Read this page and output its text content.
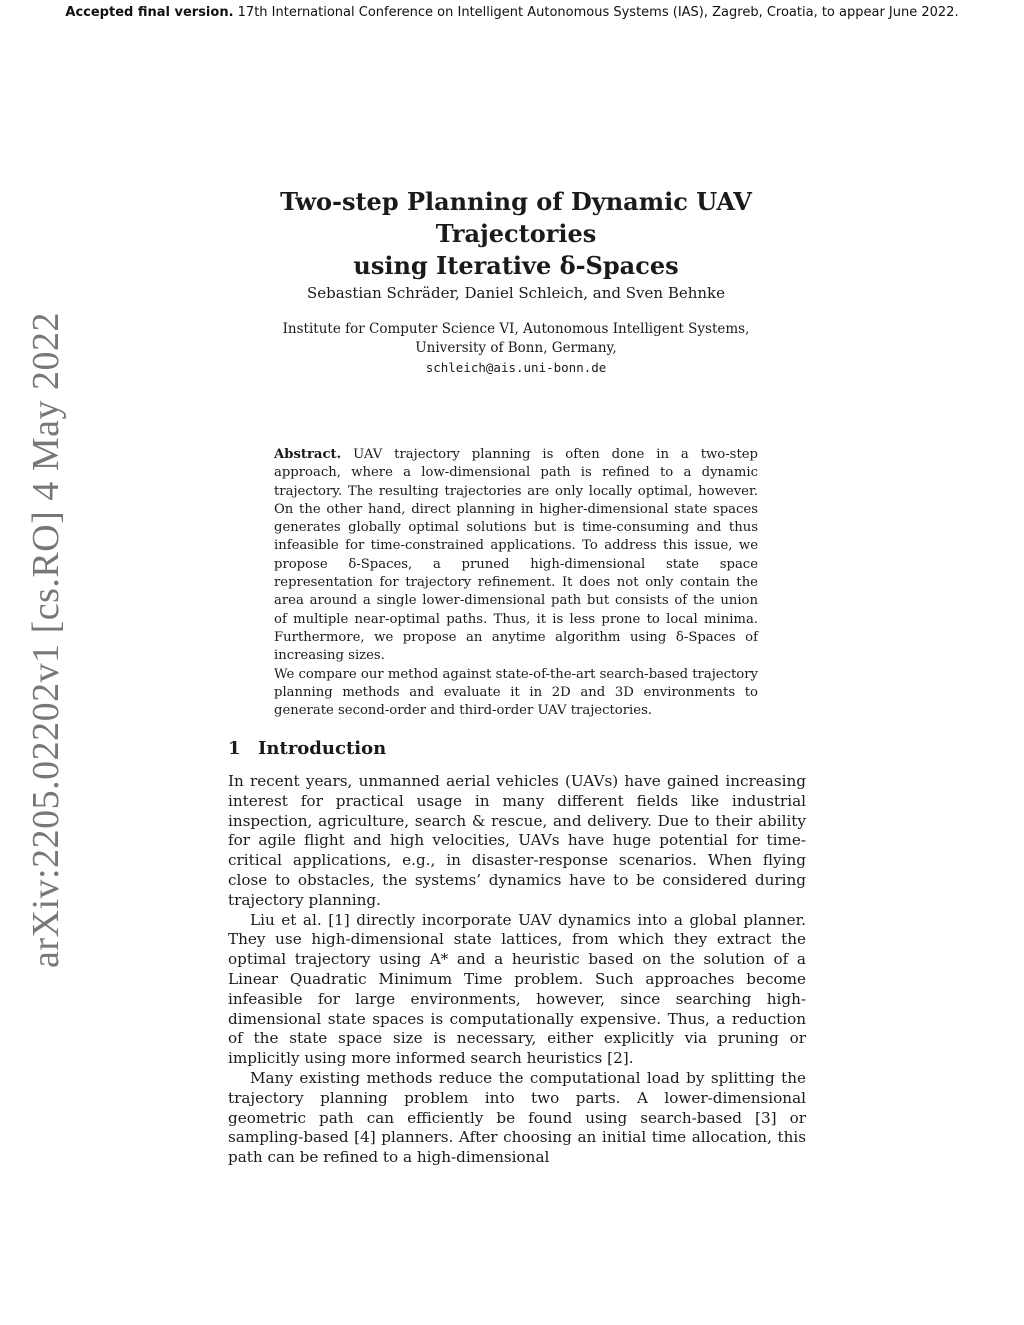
Accepted final version. 17th International Conference on Intelligent Autonomous Systems (IAS), Zagreb, Croatia, to appear June 2022.
arXiv:2205.02202v1 [cs.RO] 4 May 2022
Two-step Planning of Dynamic UAV Trajectories
using Iterative δ-Spaces
Sebastian Schräder, Daniel Schleich, and Sven Behnke
Institute for Computer Science VI, Autonomous Intelligent Systems,
University of Bonn, Germany,
schleich@ais.uni-bonn.de

Abstract. UAV trajectory planning is often done in a two-step approach, where a low-dimensional path is refined to a dynamic trajectory. The resulting trajectories are only locally optimal, however. On the other hand, direct planning in higher-dimensional state spaces generates globally optimal solutions but is time-consuming and thus infeasible for time-constrained applications. To address this issue, we propose δ-Spaces, a pruned high-dimensional state space representation for trajectory refinement. It does not only contain the area around a single lower-dimensional path but consists of the union of multiple near-optimal paths. Thus, it is less prone to local minima. Furthermore, we propose an anytime algorithm using δ-Spaces of increasing sizes.

We compare our method against state-of-the-art search-based trajectory planning methods and evaluate it in 2D and 3D environments to generate second-order and third-order UAV trajectories.

1 Introduction

In recent years, unmanned aerial vehicles (UAVs) have gained increasing interest for practical usage in many different fields like industrial inspection, agriculture, search & rescue, and delivery. Due to their ability for agile flight and high velocities, UAVs have huge potential for time-critical applications, e.g., in disaster-response scenarios. When flying close to obstacles, the systems’ dynamics have to be considered during trajectory planning.

Liu et al. [1] directly incorporate UAV dynamics into a global planner. They use high-dimensional state lattices, from which they extract the optimal trajectory using A* and a heuristic based on the solution of a Linear Quadratic Minimum Time problem. Such approaches become infeasible for large environments, however, since searching high-dimensional state spaces is computationally expensive. Thus, a reduction of the state space size is necessary, either explicitly via pruning or implicitly using more informed search heuristics [2].

Many existing methods reduce the computational load by splitting the trajectory planning problem into two parts. A lower-dimensional geometric path can efficiently be found using search-based [3] or sampling-based [4] planners. After choosing an initial time allocation, this path can be refined to a high-dimensional
